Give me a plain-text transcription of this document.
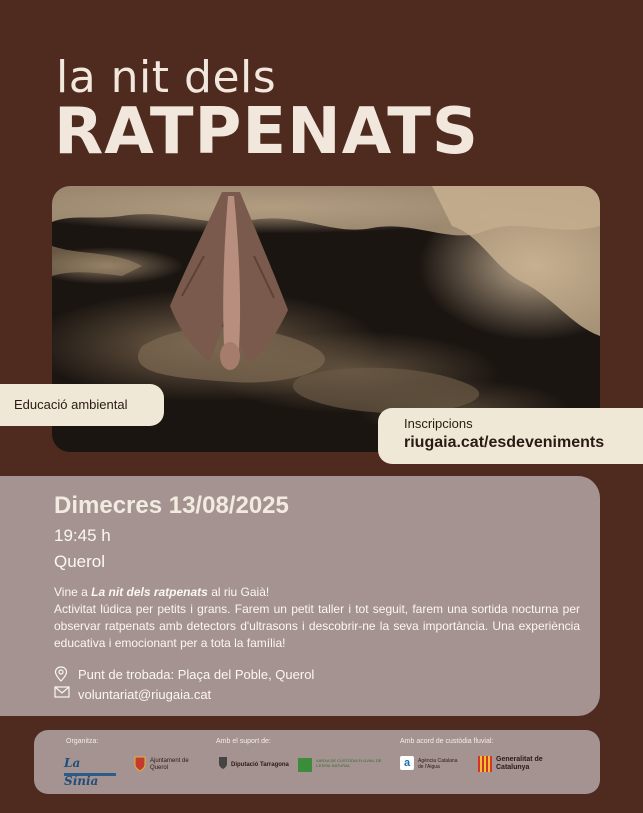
la nit dels
RATPENATS
Educació ambiental
Inscripcions
riugaia.cat/esdeveniments
Dimecres 13/08/2025
19:45 h
Querol
Vine a La nit dels ratpenats al riu Gaià!
Activitat lúdica per petits i grans. Farem un petit taller i tot seguit, farem una sortida nocturna per observar ratpenats amb detectors d'ultrasons i descobrir-ne la seva importància. Una experiència educativa i emocionant per a tota la família!
Punt de trobada: Plaça del Poble, Querol
voluntariat@riugaia.cat
Organitza:	Amb el suport de:	Amb acord de custòdia fluvial:
La Sínia
Ajuntament de Querol	Diputació Tarragona
XARXA DE CUSTÒDIA FLUVIAL DE L'ESPAI NATURAL	a	Agència Catalana de l'Aigua
Generalitat de Catalunya
